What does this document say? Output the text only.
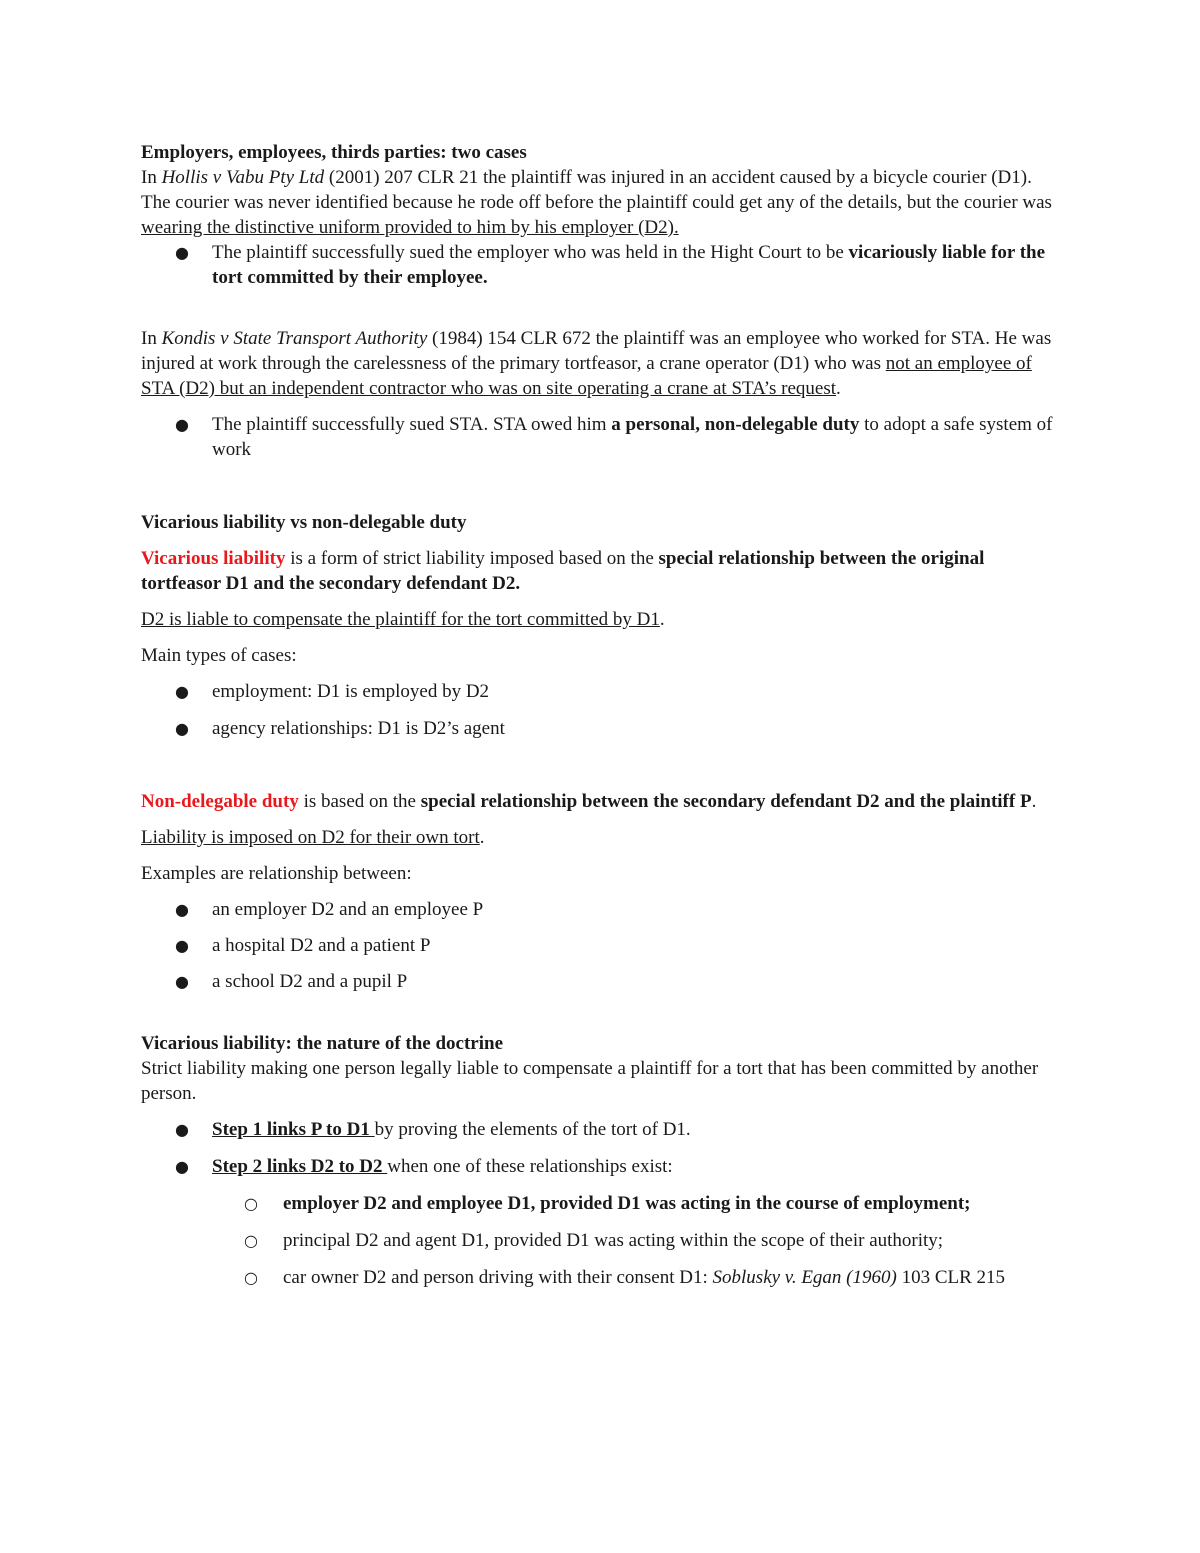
Employers, employees, thirds parties: two cases

In Hollis v Vabu Pty Ltd (2001) 207 CLR 21 the plaintiff was injured in an accident caused by a bicycle courier (D1). The courier was never identified because he rode off before the plaintiff could get any of the details, but the courier was wearing the distinctive uniform provided to him by his employer (D2).

● The plaintiff successfully sued the employer who was held in the Hight Court to be vicariously liable for the tort committed by their employee.

In Kondis v State Transport Authority (1984) 154 CLR 672 the plaintiff was an employee who worked for STA. He was injured at work through the carelessness of the primary tortfeasor, a crane operator (D1) who was not an employee of STA (D2) but an independent contractor who was on site operating a crane at STA’s request.

● The plaintiff successfully sued STA. STA owed him a personal, non-delegable duty to adopt a safe system of work

Vicarious liability vs non-delegable duty

Vicarious liability is a form of strict liability imposed based on the special relationship between the original tortfeasor D1 and the secondary defendant D2.

D2 is liable to compensate the plaintiff for the tort committed by D1.

Main types of cases:

● employment: D1 is employed by D2
● agency relationships: D1 is D2’s agent

Non-delegable duty is based on the special relationship between the secondary defendant D2 and the plaintiff P.

Liability is imposed on D2 for their own tort.

Examples are relationship between:

● an employer D2 and an employee P
● a hospital D2 and a patient P
● a school D2 and a pupil P

Vicarious liability: the nature of the doctrine

Strict liability making one person legally liable to compensate a plaintiff for a tort that has been committed by another person.

● Step 1 links P to D1 by proving the elements of the tort of D1.
● Step 2 links D2 to D2 when one of these relationships exist:
○ employer D2 and employee D1, provided D1 was acting in the course of employment;
○ principal D2 and agent D1, provided D1 was acting within the scope of their authority;
○ car owner D2 and person driving with their consent D1: Soblusky v. Egan (1960) 103 CLR 215
